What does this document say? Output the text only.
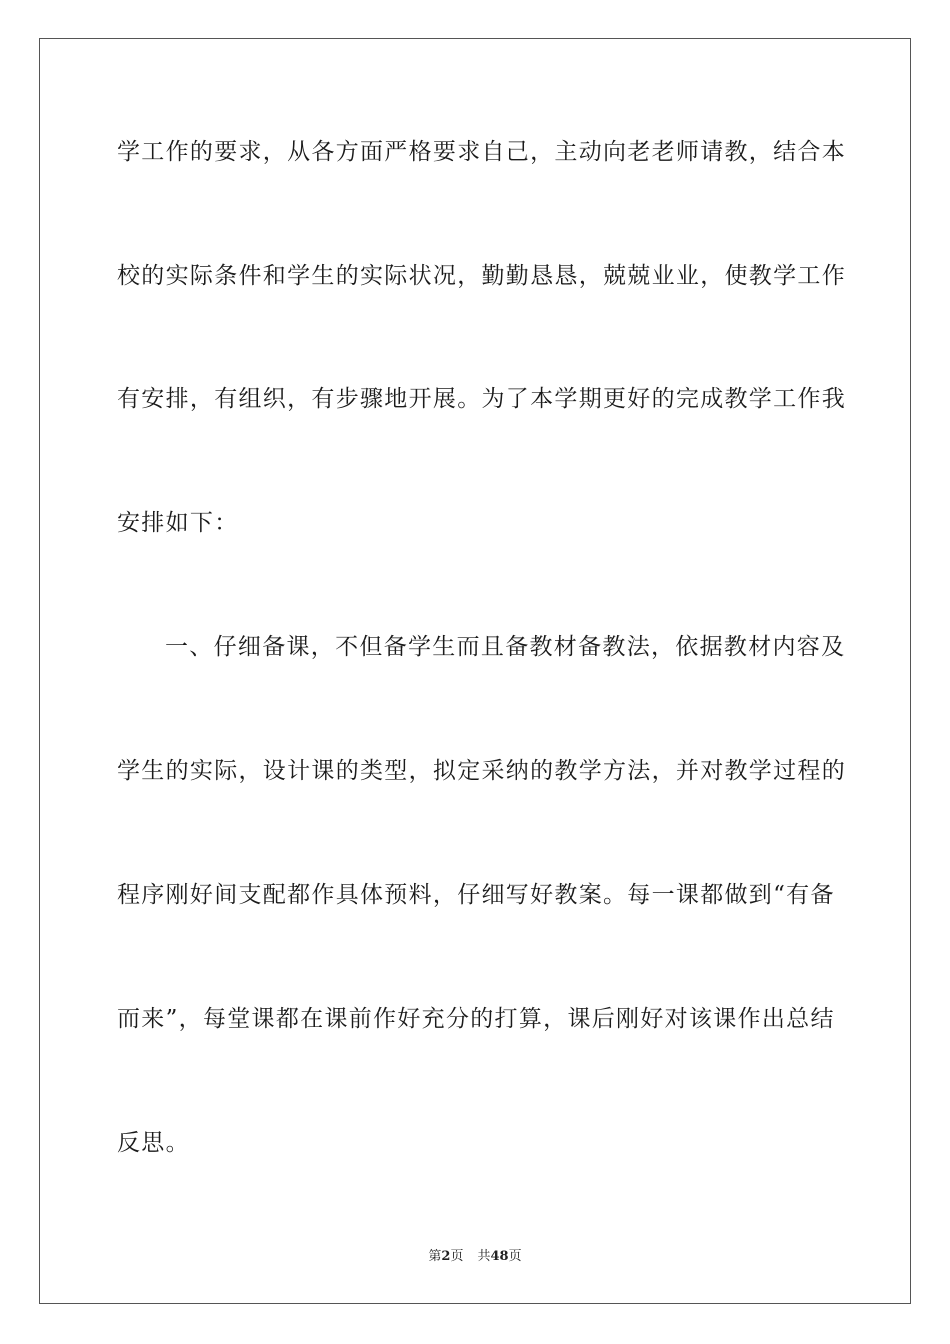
学工作的要求，从各方面严格要求自己，主动向老老师请教，结合本
校的实际条件和学生的实际状况，勤勤恳恳，兢兢业业，使教学工作
有安排，有组织，有步骤地开展。为了本学期更好的完成教学工作我
安排如下：
一、仔细备课，不但备学生而且备教材备教法，依据教材内容及
学生的实际，设计课的类型，拟定采纳的教学方法，并对教学过程的
程序刚好间支配都作具体预料，仔细写好教案。每一课都做到“有备
而来”，每堂课都在课前作好充分的打算，课后刚好对该课作出总结
反思。
第2页 共48页
